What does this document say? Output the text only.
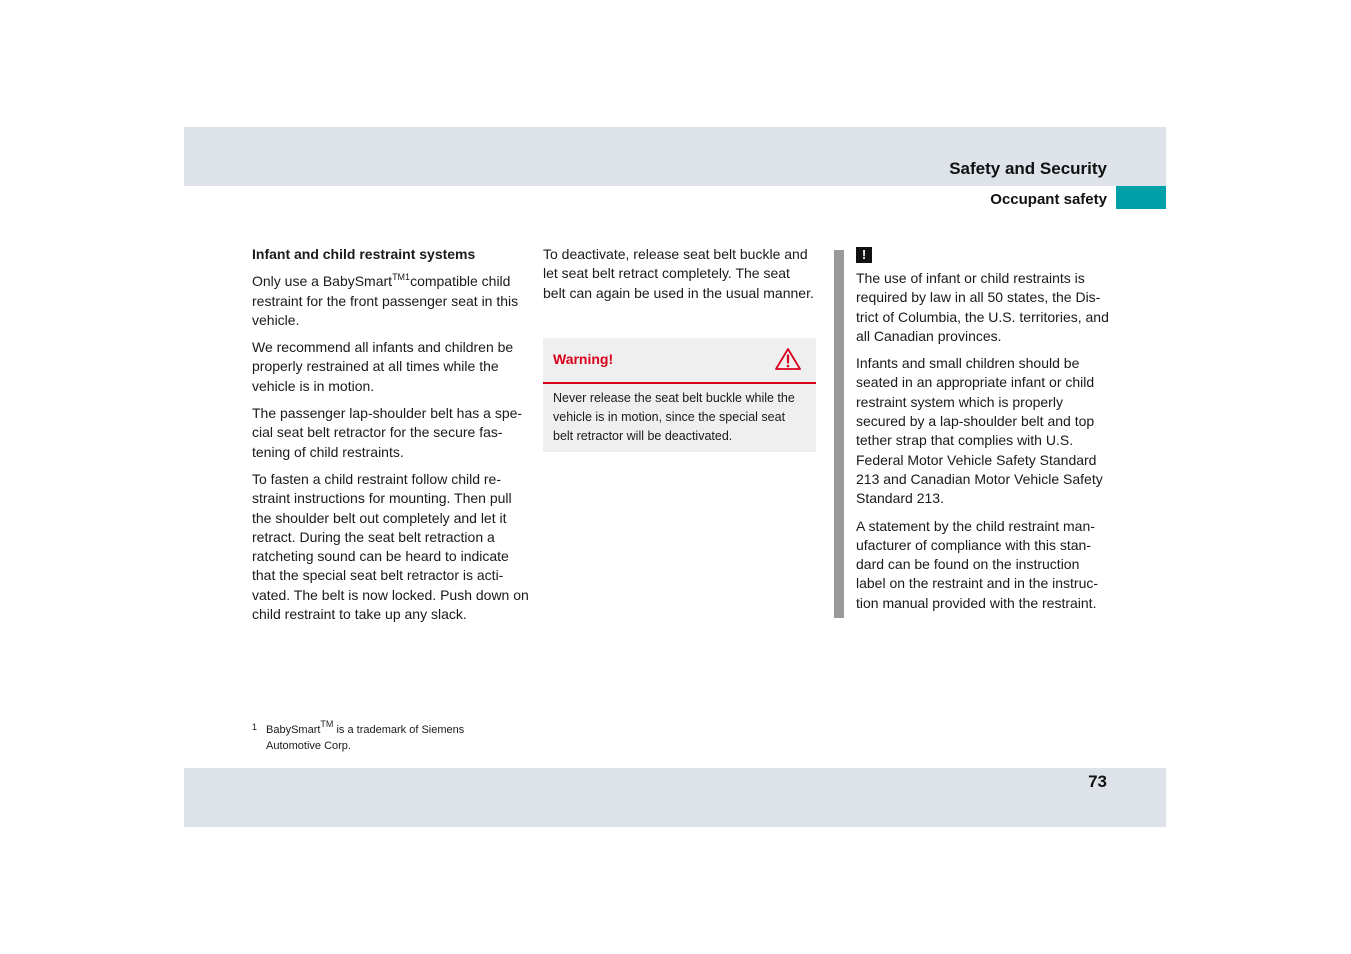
Safety and Security
Occupant safety

Infant and child restraint systems

Only use a BabySmart$^{TM1}$compatible child restraint for the front passenger seat in this vehicle.

We recommend all infants and children be properly restrained at all times while the vehicle is in motion.

The passenger lap-shoulder belt has a spe-cial seat belt retractor for the secure fas-tening of child restraints.

To fasten a child restraint follow child re-straint instructions for mounting. Then pull the shoulder belt out completely and let it retract. During the seat belt retraction a ratcheting sound can be heard to indicate that the special seat belt retractor is acti-vated. The belt is now locked. Push down on child restraint to take up any slack.

To deactivate, release seat belt buckle and let seat belt retract completely. The seat belt can again be used in the usual manner.

Warning!
Never release the seat belt buckle while the vehicle is in motion, since the special seat belt retractor will be deactivated.
!

The use of infant or child restraints is required by law in all 50 states, the Dis-trict of Columbia, the U.S. territories, and all Canadian provinces.

Infants and small children should be seated in an appropriate infant or child restraint system which is properly secured by a lap-shoulder belt and top tether strap that complies with U.S. Federal Motor Vehicle Safety Standard 213 and Canadian Motor Vehicle Safety Standard 213.

A statement by the child restraint man-ufacturer of compliance with this stan-dard can be found on the instruction label on the restraint and in the instruc-tion manual provided with the restraint.

1 BabySmart™ is a trademark of Siemens Automotive Corp.
73
